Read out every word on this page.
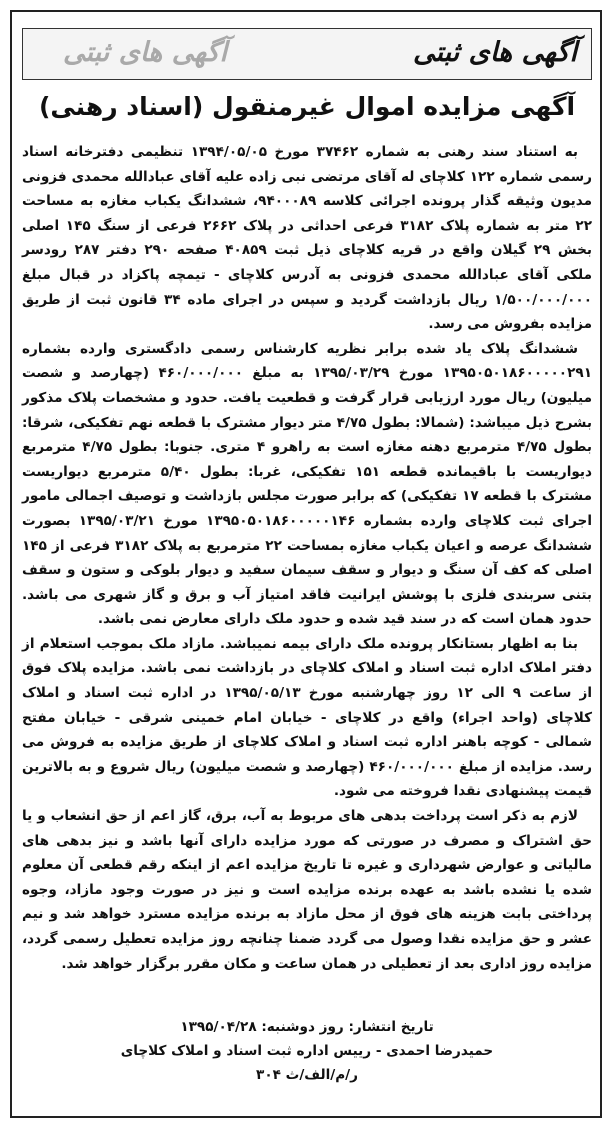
آگهی های ثبتی
آگهی های ثبتی
آگهی مزایده اموال غیرمنقول (اسناد رهنی)

به استناد سند رهنی به شماره ۳۷۴۶۲ مورخ ۱۳۹۴/۰۵/۰۵ تنظیمی دفترخانه اسناد رسمی شماره ۱۲۲ کلاچای له آقای مرتضی نبی زاده علیه آقای عبادالله محمدی فزونی مدیون وثیقه گذار پرونده اجرائی کلاسه ۹۴۰۰۰۸۹، ششدانگ یکباب مغازه به مساحت ۲۲ متر به شماره پلاک ۳۱۸۲ فرعی احداثی در پلاک ۲۶۶۲ فرعی از سنگ ۱۴۵ اصلی بخش ۲۹ گیلان واقع در قریه کلاچای ذیل ثبت ۴۰۸۵۹ صفحه ۲۹۰ دفتر ۲۸۷ رودسر ملکی آقای عبادالله محمدی فزونی به آدرس کلاچای - تیمچه پاکزاد در قبال مبلغ ۱/۵۰۰/۰۰۰/۰۰۰ ریال بازداشت گردید و سپس در اجرای ماده ۳۴ قانون ثبت از طریق مزایده بفروش می رسد.

ششدانگ پلاک یاد شده برابر نظریه کارشناس رسمی دادگستری وارده بشماره ۱۳۹۵۰۵۰۱۸۶۰۰۰۰۰۲۹۱ مورخ ۱۳۹۵/۰۳/۲۹ به مبلغ ۴۶۰/۰۰۰/۰۰۰ (چهارصد و شصت میلیون) ریال مورد ارزیابی قرار گرفت و قطعیت یافت. حدود و مشخصات پلاک مذکور بشرح ذیل میباشد: (شمالا: بطول ۴/۷۵ متر دیوار مشترک با قطعه نهم تفکیکی، شرقا: بطول ۴/۷۵ مترمربع دهنه مغازه است به راهرو ۴ متری. جنوبا: بطول ۴/۷۵ مترمربع دیواریست با باقیمانده قطعه ۱۵۱ تفکیکی، غربا: بطول ۵/۴۰ مترمربع دیواریست مشترک با قطعه ۱۷ تفکیکی) که برابر صورت مجلس بازداشت و توصیف اجمالی مامور اجرای ثبت کلاچای وارده بشماره ۱۳۹۵۰۵۰۱۸۶۰۰۰۰۰۱۴۶ مورخ ۱۳۹۵/۰۳/۲۱ بصورت ششدانگ عرصه و اعیان یکباب مغازه بمساحت ۲۲ مترمربع به پلاک ۳۱۸۲ فرعی از ۱۴۵ اصلی که کف آن سنگ و دیوار و سقف سیمان سفید و دیوار بلوکی و ستون و سقف بتنی سربندی فلزی با پوشش ایرانیت فاقد امتیاز آب و برق و گاز شهری می باشد. حدود همان است که در سند قید شده و حدود ملک دارای معارض نمی باشد.

بنا به اظهار بستانکار پرونده ملک دارای بیمه نمیباشد. مازاد ملک بموجب استعلام از دفتر املاک اداره ثبت اسناد و املاک کلاچای در بازداشت نمی باشد. مزایده پلاک فوق از ساعت ۹ الی ۱۲ روز چهارشنبه مورخ ۱۳۹۵/۰۵/۱۳ در اداره ثبت اسناد و املاک کلاچای (واحد اجراء) واقع در کلاچای - خیابان امام خمینی شرقی - خیابان مفتح شمالی - کوچه باهنر اداره ثبت اسناد و املاک کلاچای از طریق مزایده به فروش می رسد. مزایده از مبلغ ۴۶۰/۰۰۰/۰۰۰ (چهارصد و شصت میلیون) ریال شروع و به بالاترین قیمت پیشنهادی نقدا فروخته می شود.

لازم به ذکر است پرداخت بدهی های مربوط به آب، برق، گاز اعم از حق انشعاب و یا حق اشتراک و مصرف در صورتی که مورد مزایده دارای آنها باشد و نیز بدهی های مالیاتی و عوارض شهرداری و غیره تا تاریخ مزایده اعم از اینکه رقم قطعی آن معلوم شده یا نشده باشد به عهده برنده مزایده است و نیز در صورت وجود مازاد، وجوه پرداختی بابت هزینه های فوق از محل مازاد به برنده مزایده مسترد خواهد شد و نیم عشر و حق مزایده نقدا وصول می گردد ضمنا چنانچه روز مزایده تعطیل رسمی گردد، مزایده روز اداری بعد از تعطیلی در همان ساعت و مکان مقرر برگزار خواهد شد.

تاریخ انتشار: روز دوشنبه: ۱۳۹۵/۰۴/۲۸
حمیدرضا احمدی - رییس اداره ثبت اسناد و املاک کلاچای
ر/م/الف/ث ۳۰۴
